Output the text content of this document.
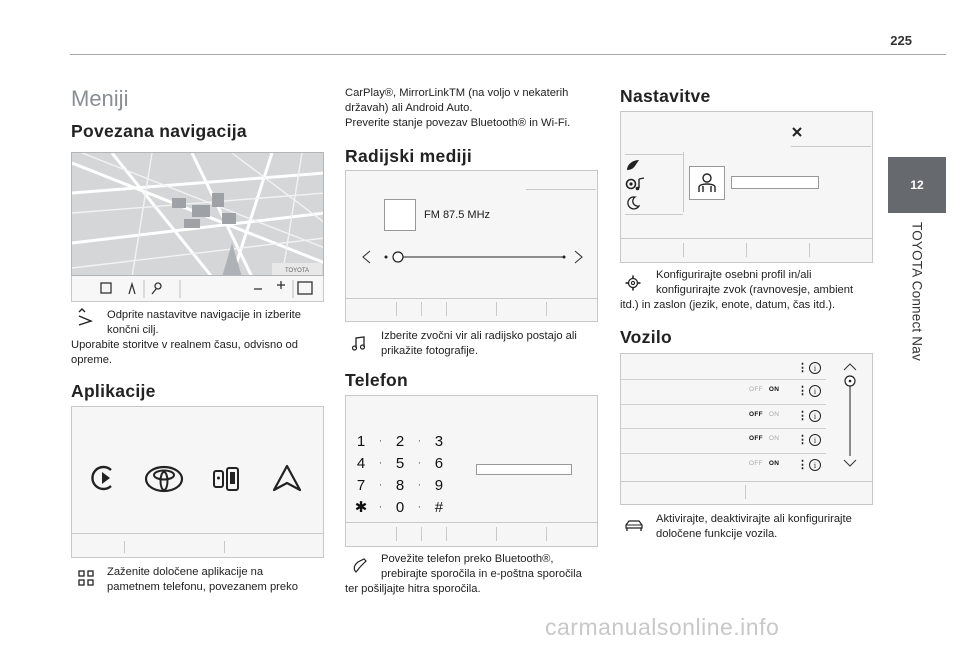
225
12
TOYOTA Connect Nav
Meniji
Povezana navigacija
TOYOTA
Odprite nastavitve navigacije in izberite
končni cilj.
Uporabite storitve v realnem času, odvisno od
opreme.
Aplikacije
Zaženite določene aplikacije na
pametnem telefonu, povezanem preko
CarPlay®, MirrorLinkTM (na voljo v nekaterih
državah) ali Android Auto.
Preverite stanje povezav Bluetooth® in Wi-Fi.
Radijski mediji
FM 87.5 MHz
Izberite zvočni vir ali radijsko postajo ali
prikažite fotografije.
Telefon
1 · 2 · 3
4 · 5 · 6
7 · 8 · 9
✱ · 0 · #
Povežite telefon preko Bluetooth®,
prebirajte sporočila in e-poštna sporočila
ter pošiljajte hitra sporočila.
Nastavitve
Konfigurirajte osebni profil in/ali
konfigurirajte zvok (ravnovesje, ambient
itd.) in zaslon (jezik, enote, datum, čas itd.).
Vozilo
OFF ON ⋮ i
OFF ON ⋮ i
OFF ON ⋮ i
OFF ON ⋮ i
⋮ i
Aktivirajte, deaktivirajte ali konfigurirajte
določene funkcije vozila.
carmanualsonline.info
